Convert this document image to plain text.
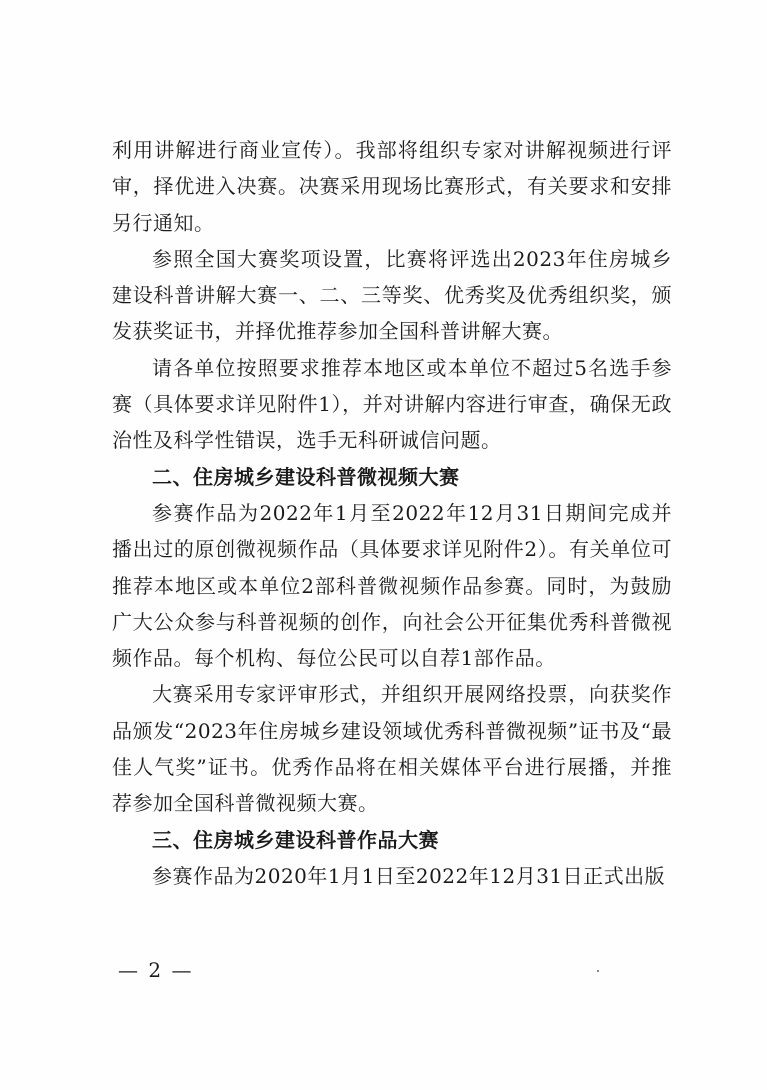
利用讲解进行商业宣传）。我部将组织专家对讲解视频进行评审，择优进入决赛。决赛采用现场比赛形式，有关要求和安排另行通知。

参照全国大赛奖项设置，比赛将评选出2023年住房城乡建设科普讲解大赛一、二、三等奖、优秀奖及优秀组织奖，颁发获奖证书，并择优推荐参加全国科普讲解大赛。

请各单位按照要求推荐本地区或本单位不超过5名选手参赛（具体要求详见附件1），并对讲解内容进行审查，确保无政治性及科学性错误，选手无科研诚信问题。

二、住房城乡建设科普微视频大赛

参赛作品为2022年1月至2022年12月31日期间完成并播出过的原创微视频作品（具体要求详见附件2）。有关单位可推荐本地区或本单位2部科普微视频作品参赛。同时，为鼓励广大公众参与科普视频的创作，向社会公开征集优秀科普微视频作品。每个机构、每位公民可以自荐1部作品。

大赛采用专家评审形式，并组织开展网络投票，向获奖作品颁发“2023年住房城乡建设领域优秀科普微视频”证书及“最佳人气奖”证书。优秀作品将在相关媒体平台进行展播，并推荐参加全国科普微视频大赛。

三、住房城乡建设科普作品大赛

参赛作品为2020年1月1日至2022年12月31日正式出版

— 2 —
